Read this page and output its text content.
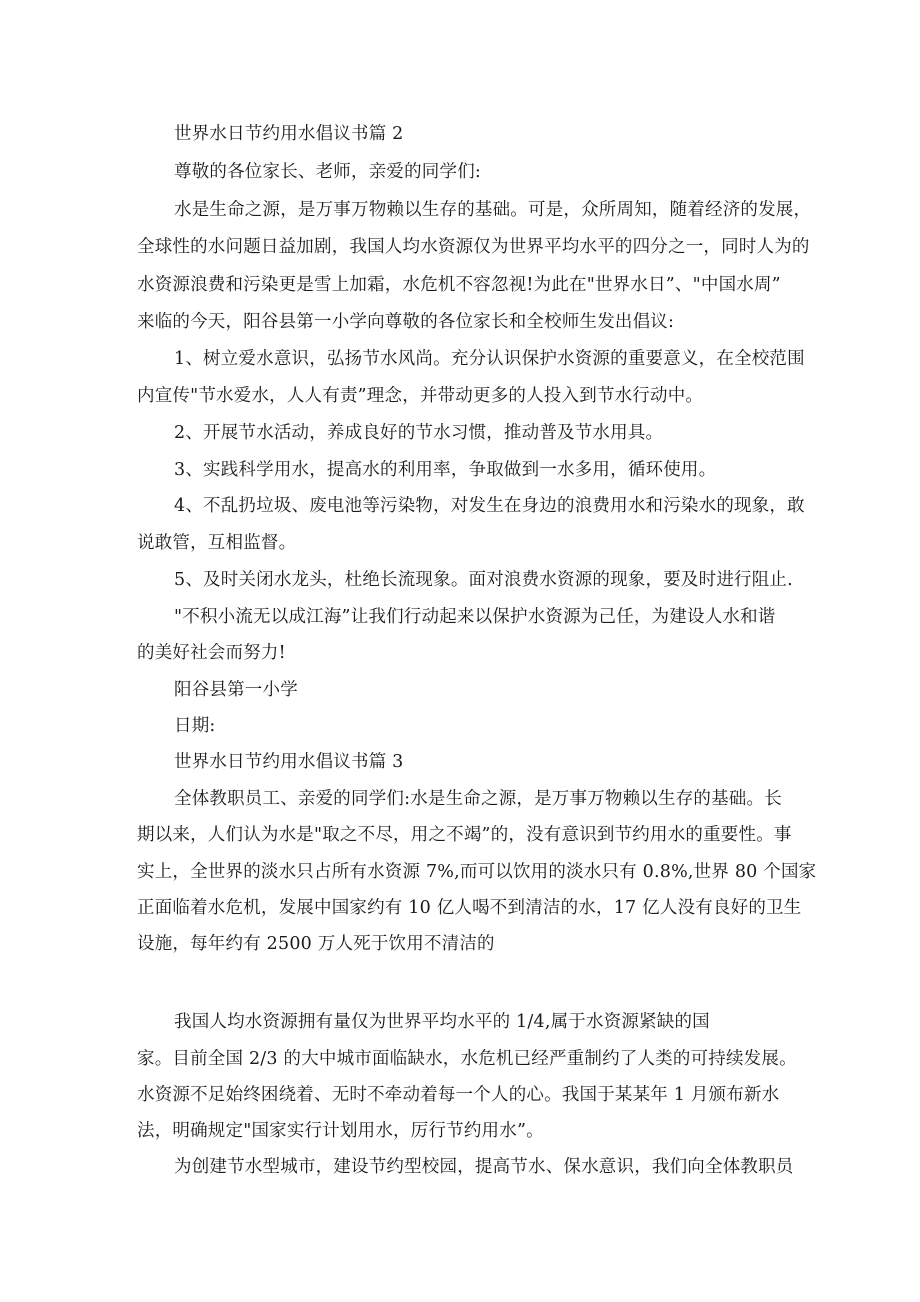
世界水日节约用水倡议书篇 2
尊敬的各位家长、老师，亲爱的同学们:
水是生命之源，是万事万物赖以生存的基础。可是，众所周知，随着经济的发展，
全球性的水问题日益加剧，我国人均水资源仅为世界平均水平的四分之一，同时人为的
水资源浪费和污染更是雪上加霜，水危机不容忽视!为此在"世界水日”、"中国水周”
来临的今天，阳谷县第一小学向尊敬的各位家长和全校师生发出倡议:
1、树立爱水意识，弘扬节水风尚。充分认识保护水资源的重要意义，在全校范围
内宣传"节水爱水，人人有责”理念，并带动更多的人投入到节水行动中。
2、开展节水活动，养成良好的节水习惯，推动普及节水用具。
3、实践科学用水，提高水的利用率，争取做到一水多用，循环使用。
4、不乱扔垃圾、废电池等污染物，对发生在身边的浪费用水和污染水的现象，敢
说敢管，互相监督。
5、及时关闭水龙头，杜绝长流现象。面对浪费水资源的现象，要及时进行阻止.
"不积小流无以成江海”让我们行动起来以保护水资源为己任，为建设人水和谐
的美好社会而努力!
阳谷县第一小学
日期:
世界水日节约用水倡议书篇 3
全体教职员工、亲爱的同学们:水是生命之源，是万事万物赖以生存的基础。长
期以来，人们认为水是"取之不尽，用之不竭”的，没有意识到节约用水的重要性。事
实上，全世界的淡水只占所有水资源 7%,而可以饮用的淡水只有 0.8%,世界 80 个国家
正面临着水危机，发展中国家约有 10 亿人喝不到清洁的水，17 亿人没有良好的卫生
设施，每年约有 2500 万人死于饮用不清洁的
我国人均水资源拥有量仅为世界平均水平的 1/4,属于水资源紧缺的国
家。目前全国 2/3 的大中城市面临缺水，水危机已经严重制约了人类的可持续发展。
水资源不足始终困绕着、无时不牵动着每一个人的心。我国于某某年 1 月颁布新水
法，明确规定"国家实行计划用水，厉行节约用水”。
为创建节水型城市，建设节约型校园，提高节水、保水意识，我们向全体教职员
